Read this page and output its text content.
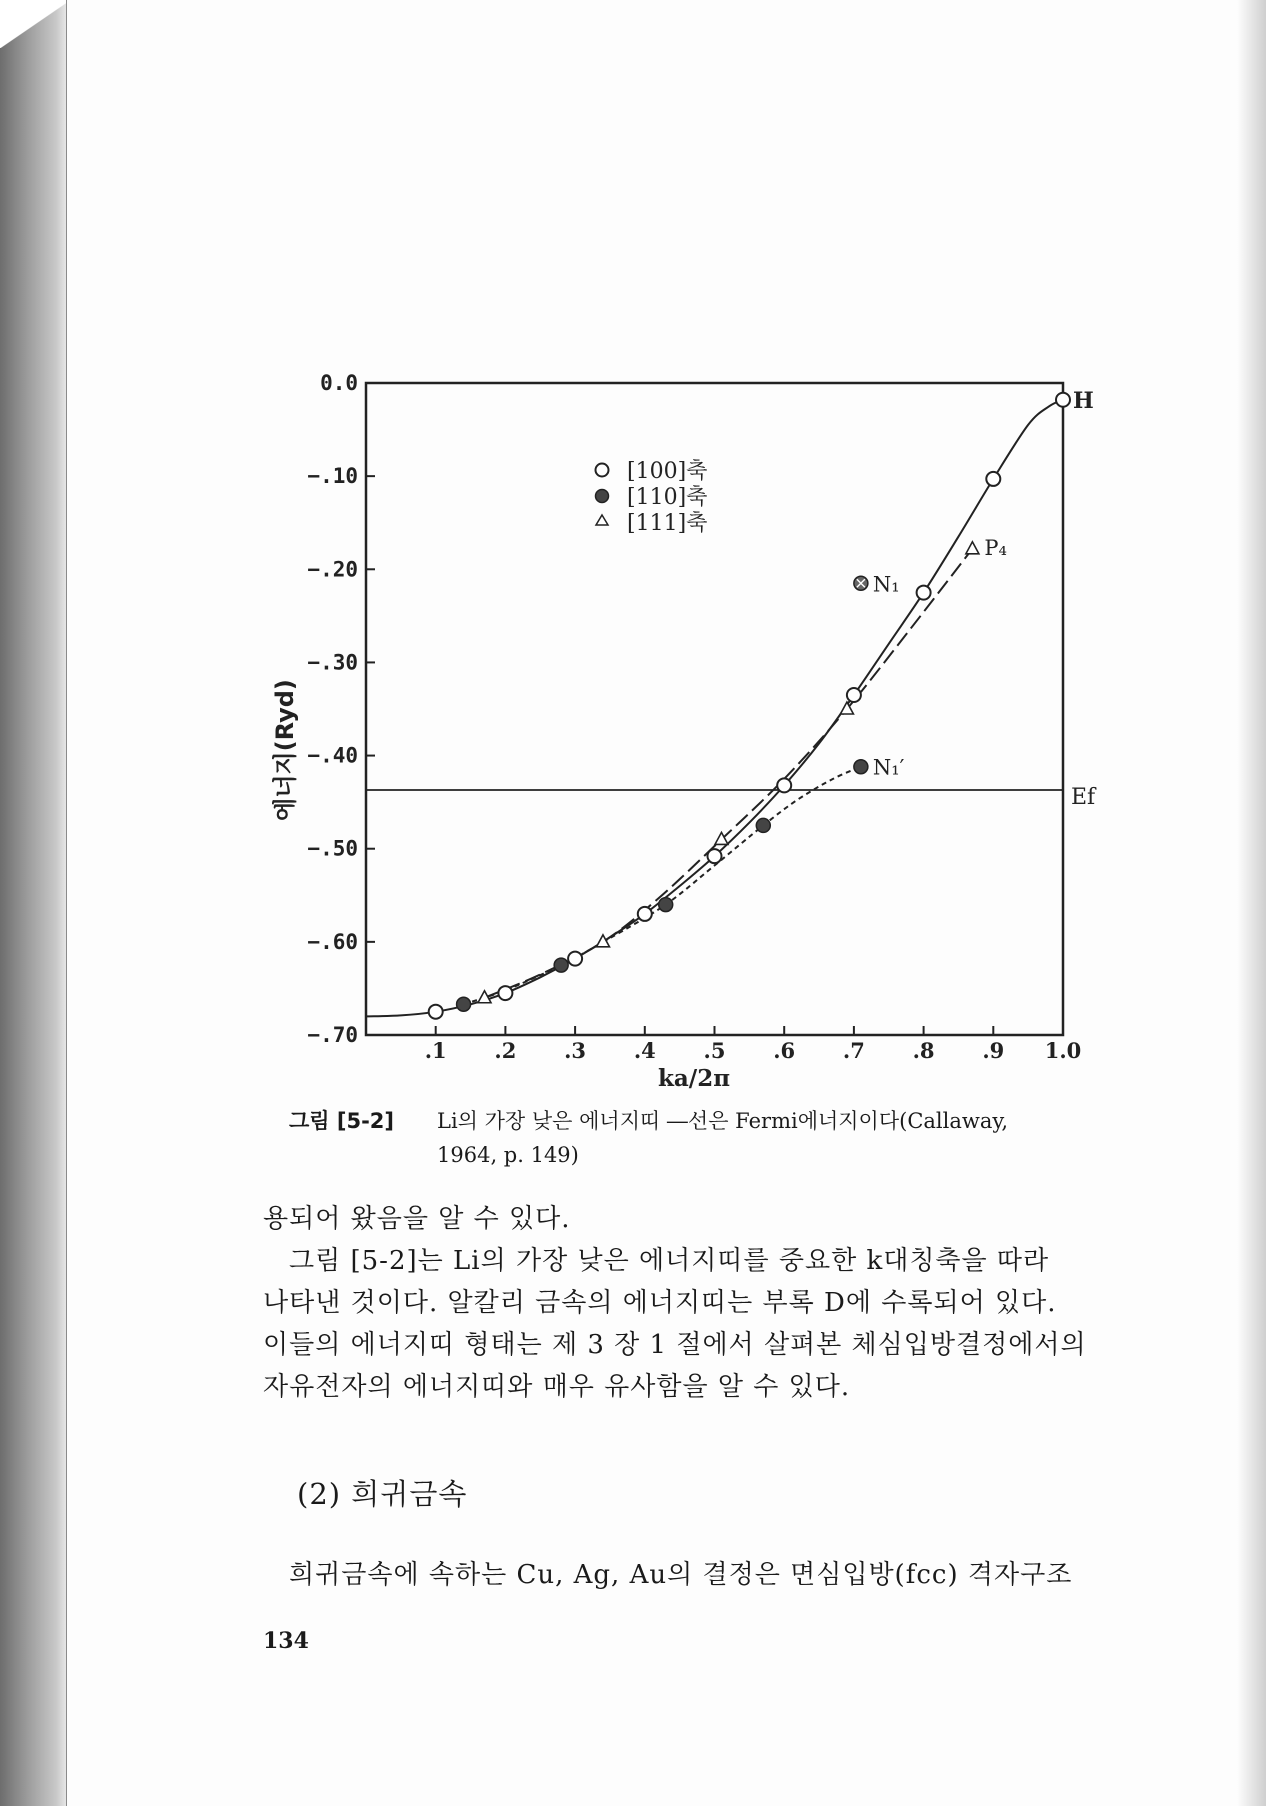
0.0
−.10
−.20
−.30
−.40
−.50
−.60
−.70
.1 .2 .3 .4 .5 .6 .7 .8 .9 1.0
에너지(Ryd)
ka/2π
[100]축
[110]축
[111]축
H
P₄
N₁
N₁′
Ef
그림 [5-2] Li의 가장 낮은 에너지띠 ―선은 Fermi에너지이다(Callaway,
1964, p. 149)

용되어 왔음을 알 수 있다.

그림 [5-2]는 Li의 가장 낮은 에너지띠를 중요한 k대칭축을 따라

나타낸 것이다. 알칼리 금속의 에너지띠는 부록 D에 수록되어 있다.

이들의 에너지띠 형태는 제 3 장 1 절에서 살펴본 체심입방결정에서의

자유전자의 에너지띠와 매우 유사함을 알 수 있다.

(2) 희귀금속
희귀금속에 속하는 Cu, Ag, Au의 결정은 면심입방(fcc) 격자구조
134
